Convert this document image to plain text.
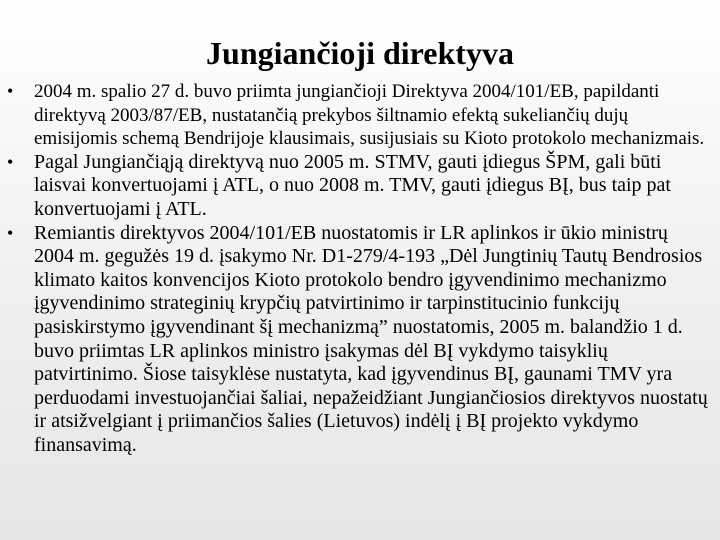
Jungiančioji direktyva
• 2004 m. spalio 27 d. buvo priimta jungiančioji Direktyva 2004/101/EB, papildanti direktyvą 2003/87/EB, nustatančią prekybos šiltnamio efektą sukeliančių dujų emisijomis schemą Bendrijoje klausimais, susijusiais su Kioto protokolo mechanizmais.
• Pagal Jungiančiąją direktyvą nuo 2005 m. STMV, gauti įdiegus ŠPM, gali būti laisvai konvertuojami į ATL, o nuo 2008 m. TMV, gauti įdiegus BĮ, bus taip pat konvertuojami į ATL.
• Remiantis direktyvos 2004/101/EB nuostatomis ir LR aplinkos ir ūkio ministrų 2004 m. gegužės 19 d. įsakymo Nr. D1-279/4-193 „Dėl Jungtinių Tautų Bendrosios klimato kaitos konvencijos Kioto protokolo bendro įgyvendinimo mechanizmo įgyvendinimo strateginių krypčių patvirtinimo ir tarpinstitucinio funkcijų pasiskirstymo įgyvendinant šį mechanizmą” nuostatomis, 2005 m. balandžio 1 d. buvo priimtas LR aplinkos ministro įsakymas dėl BĮ vykdymo taisyklių patvirtinimo. Šiose taisyklėse nustatyta, kad įgyvendinus BĮ, gaunami TMV yra perduodami investuojančiai šaliai, nepažeidžiant Jungiančiosios direktyvos nuostatų ir atsižvelgiant į priimančios šalies (Lietuvos) indėlį į BĮ projekto vykdymo finansavimą.
